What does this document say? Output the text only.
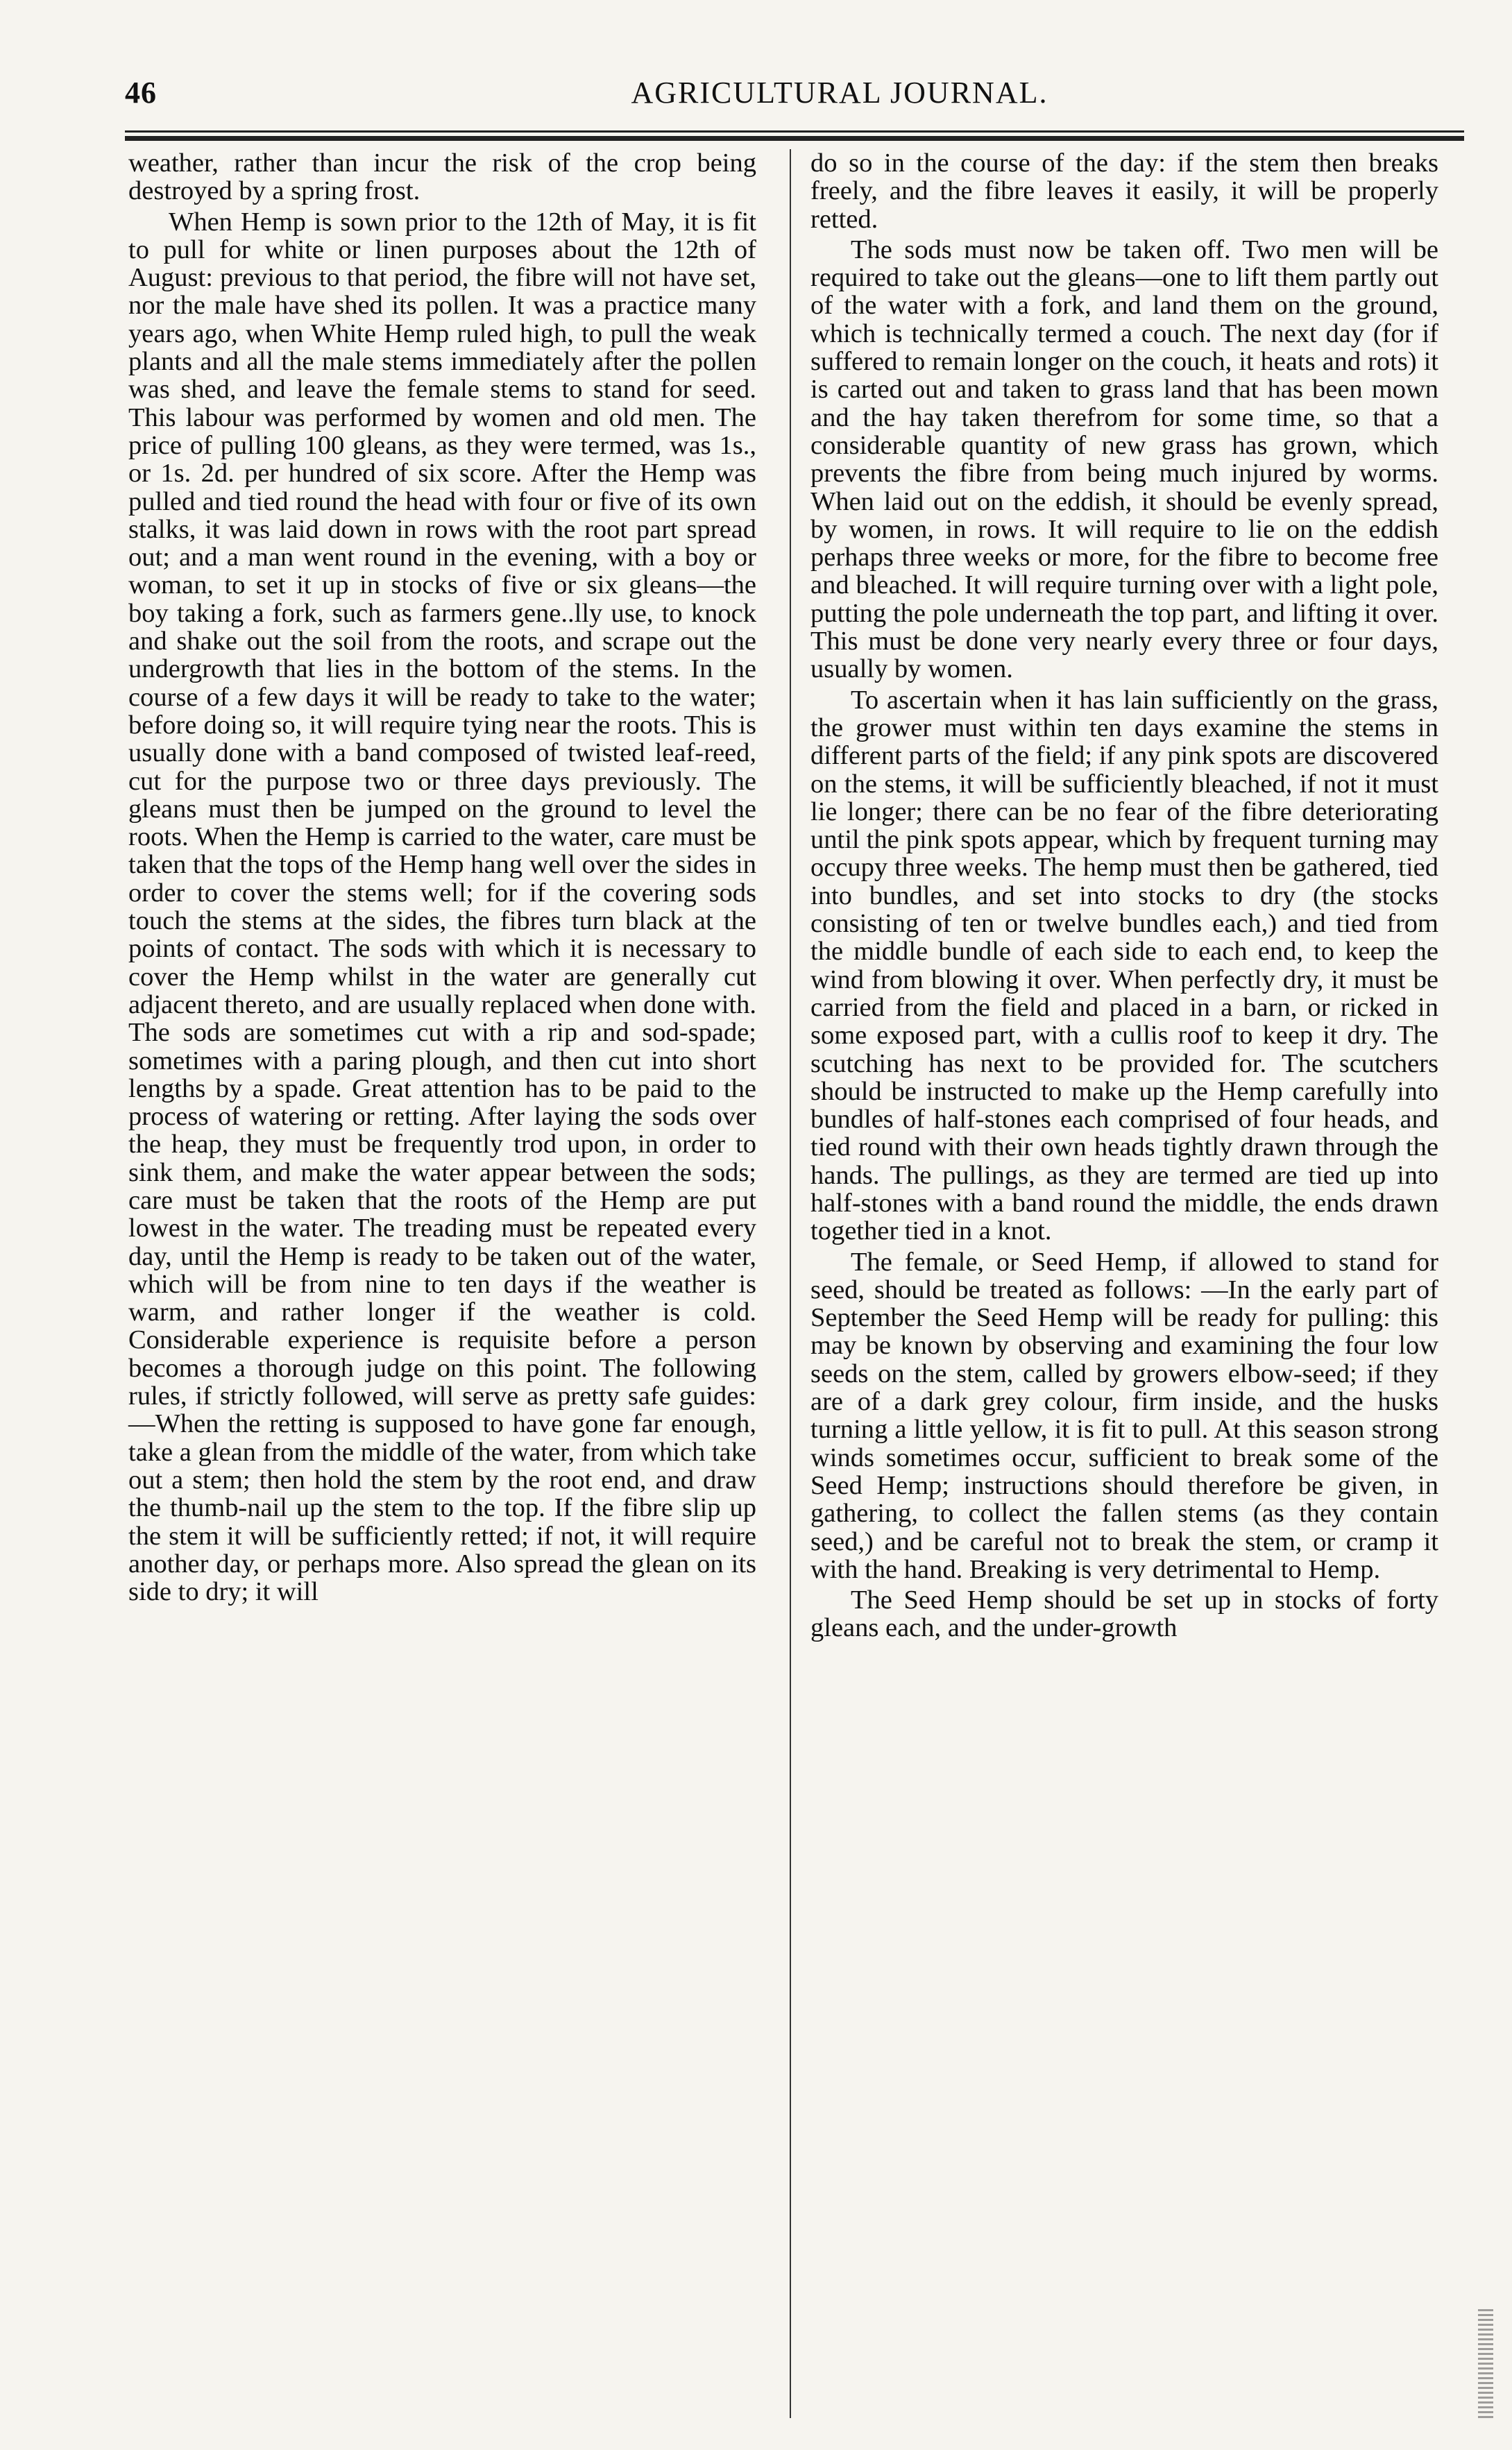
46	AGRICULTURAL JOURNAL.

weather, rather than incur the risk of the crop being destroyed by a spring frost.

When Hemp is sown prior to the 12th of May, it is fit to pull for white or linen purposes about the 12th of August: previous to that period, the fibre will not have set, nor the male have shed its pollen. It was a practice many years ago, when White Hemp ruled high, to pull the weak plants and all the male stems immediately after the pollen was shed, and leave the female stems to stand for seed. This labour was performed by women and old men. The price of pulling 100 gleans, as they were termed, was 1s., or 1s. 2d. per hundred of six score. After the Hemp was pulled and tied round the head with four or five of its own stalks, it was laid down in rows with the root part spread out; and a man went round in the evening, with a boy or woman, to set it up in stocks of five or six gleans—the boy taking a fork, such as farmers gene..lly use, to knock and shake out the soil from the roots, and scrape out the undergrowth that lies in the bottom of the stems. In the course of a few days it will be ready to take to the water; before doing so, it will require tying near the roots. This is usually done with a band composed of twisted leaf-reed, cut for the purpose two or three days previously. The gleans must then be jumped on the ground to level the roots. When the Hemp is carried to the water, care must be taken that the tops of the Hemp hang well over the sides in order to cover the stems well; for if the covering sods touch the stems at the sides, the fibres turn black at the points of contact. The sods with which it is necessary to cover the Hemp whilst in the water are generally cut adjacent thereto, and are usually replaced when done with. The sods are sometimes cut with a rip and sod-spade; sometimes with a paring plough, and then cut into short lengths by a spade. Great attention has to be paid to the process of watering or retting. After laying the sods over the heap, they must be frequently trod upon, in order to sink them, and make the water appear between the sods; care must be taken that the roots of the Hemp are put lowest in the water. The treading must be repeated every day, until the Hemp is ready to be taken out of the water, which will be from nine to ten days if the weather is warm, and rather longer if the weather is cold. Considerable experience is requisite before a person becomes a thorough judge on this point. The following rules, if strictly followed, will serve as pretty safe guides:—When the retting is supposed to have gone far enough, take a glean from the middle of the water, from which take out a stem; then hold the stem by the root end, and draw the thumb-nail up the stem to the top. If the fibre slip up the stem it will be sufficiently retted; if not, it will require another day, or perhaps more. Also spread the glean on its side to dry; it will

do so in the course of the day: if the stem then breaks freely, and the fibre leaves it easily, it will be properly retted.

The sods must now be taken off. Two men will be required to take out the gleans—one to lift them partly out of the water with a fork, and land them on the ground, which is technically termed a couch. The next day (for if suffered to remain longer on the couch, it heats and rots) it is carted out and taken to grass land that has been mown and the hay taken therefrom for some time, so that a considerable quantity of new grass has grown, which prevents the fibre from being much injured by worms. When laid out on the eddish, it should be evenly spread, by women, in rows. It will require to lie on the eddish perhaps three weeks or more, for the fibre to become free and bleached. It will require turning over with a light pole, putting the pole underneath the top part, and lifting it over. This must be done very nearly every three or four days, usually by women.

To ascertain when it has lain sufficiently on the grass, the grower must within ten days examine the stems in different parts of the field; if any pink spots are discovered on the stems, it will be sufficiently bleached, if not it must lie longer; there can be no fear of the fibre deteriorating until the pink spots appear, which by frequent turning may occupy three weeks. The hemp must then be gathered, tied into bundles, and set into stocks to dry (the stocks consisting of ten or twelve bundles each,) and tied from the middle bundle of each side to each end, to keep the wind from blowing it over. When perfectly dry, it must be carried from the field and placed in a barn, or ricked in some exposed part, with a cullis roof to keep it dry. The scutching has next to be provided for. The scutchers should be instructed to make up the Hemp carefully into bundles of half-stones each comprised of four heads, and tied round with their own heads tightly drawn through the hands. The pullings, as they are termed are tied up into half-stones with a band round the middle, the ends drawn together tied in a knot.

The female, or Seed Hemp, if allowed to stand for seed, should be treated as follows: —In the early part of September the Seed Hemp will be ready for pulling: this may be known by observing and examining the four low seeds on the stem, called by growers elbow-seed; if they are of a dark grey colour, firm inside, and the husks turning a little yellow, it is fit to pull. At this season strong winds sometimes occur, sufficient to break some of the Seed Hemp; instructions should therefore be given, in gathering, to collect the fallen stems (as they contain seed,) and be careful not to break the stem, or cramp it with the hand. Breaking is very detrimental to Hemp.

The Seed Hemp should be set up in stocks of forty gleans each, and the under-growth
